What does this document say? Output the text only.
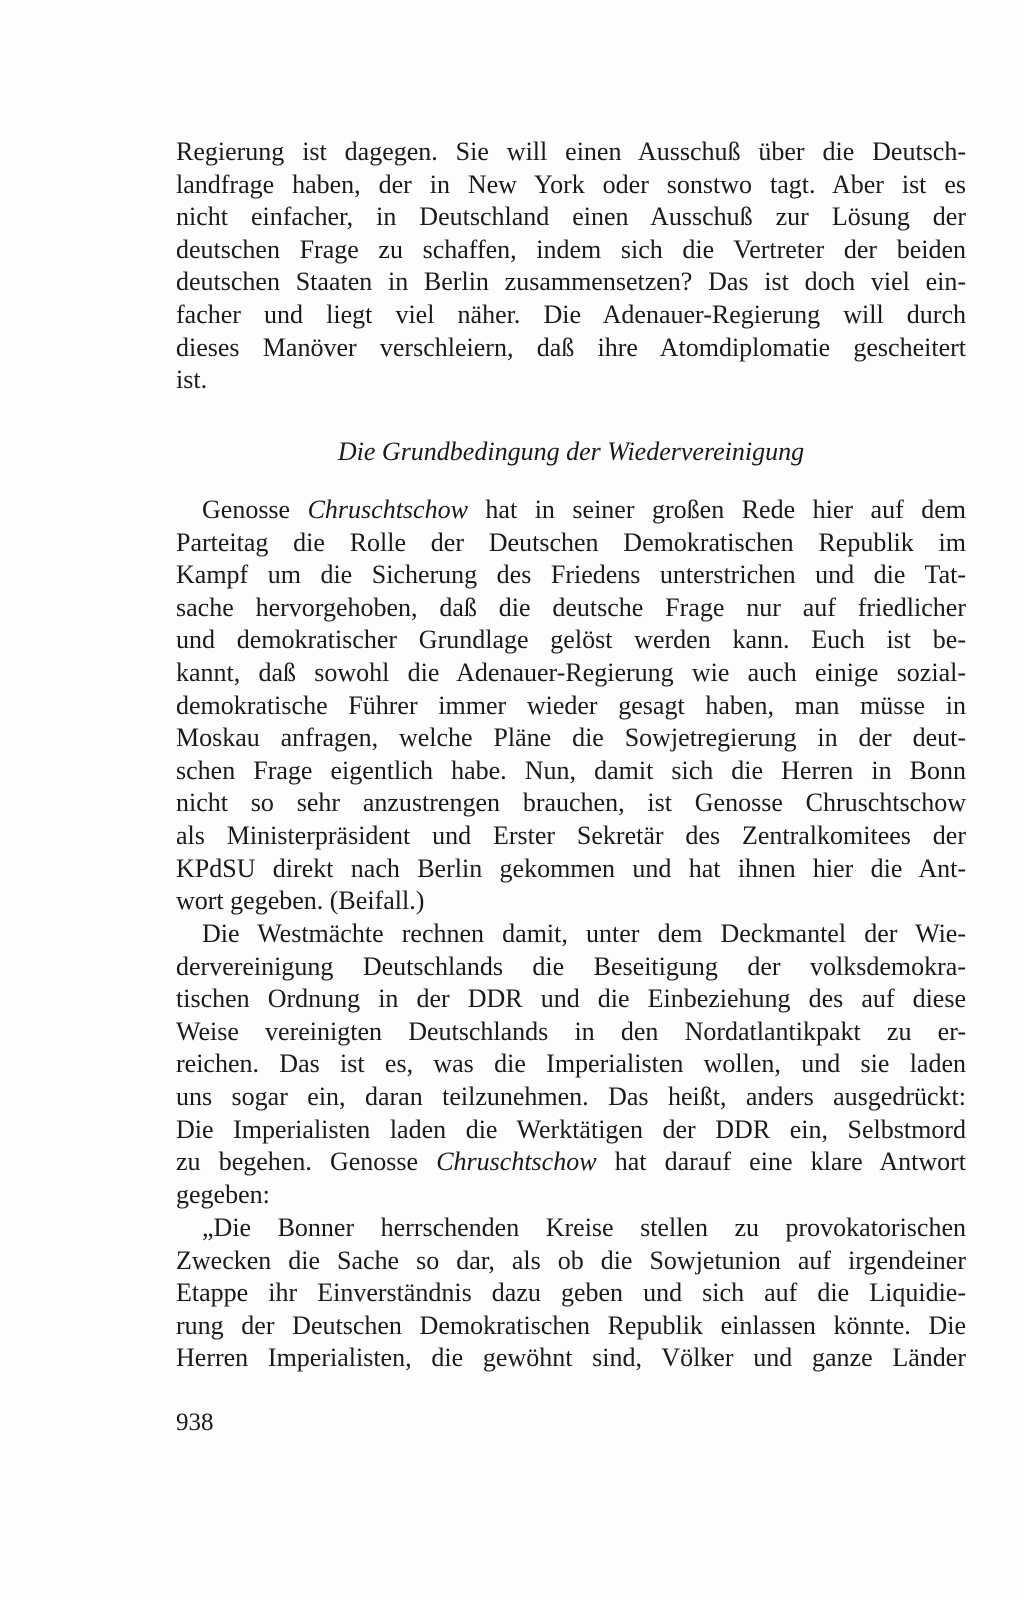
Regierung ist dagegen. Sie will einen Ausschuß über die Deutsch-
landfrage haben, der in New York oder sonstwo tagt. Aber ist es
nicht einfacher, in Deutschland einen Ausschuß zur Lösung der
deutschen Frage zu schaffen, indem sich die Vertreter der beiden
deutschen Staaten in Berlin zusammensetzen? Das ist doch viel ein-
facher und liegt viel näher. Die Adenauer-Regierung will durch
dieses Manöver verschleiern, daß ihre Atomdiplomatie gescheitert
ist.

Die Grundbedingung der Wiedervereinigung

Genosse Chruschtschow hat in seiner großen Rede hier auf dem
Parteitag die Rolle der Deutschen Demokratischen Republik im
Kampf um die Sicherung des Friedens unterstrichen und die Tat-
sache hervorgehoben, daß die deutsche Frage nur auf friedlicher
und demokratischer Grundlage gelöst werden kann. Euch ist be-
kannt, daß sowohl die Adenauer-Regierung wie auch einige sozial-
demokratische Führer immer wieder gesagt haben, man müsse in
Moskau anfragen, welche Pläne die Sowjetregierung in der deut-
schen Frage eigentlich habe. Nun, damit sich die Herren in Bonn
nicht so sehr anzustrengen brauchen, ist Genosse Chruschtschow
als Ministerpräsident und Erster Sekretär des Zentralkomitees der
KPdSU direkt nach Berlin gekommen und hat ihnen hier die Ant-
wort gegeben. (Beifall.)

Die Westmächte rechnen damit, unter dem Deckmantel der Wie-
dervereinigung Deutschlands die Beseitigung der volksdemokra-
tischen Ordnung in der DDR und die Einbeziehung des auf diese
Weise vereinigten Deutschlands in den Nordatlantikpakt zu er-
reichen. Das ist es, was die Imperialisten wollen, und sie laden
uns sogar ein, daran teilzunehmen. Das heißt, anders ausgedrückt:
Die Imperialisten laden die Werktätigen der DDR ein, Selbstmord
zu begehen. Genosse Chruschtschow hat darauf eine klare Antwort
gegeben:

„Die Bonner herrschenden Kreise stellen zu provokatorischen
Zwecken die Sache so dar, als ob die Sowjetunion auf irgendeiner
Etappe ihr Einverständnis dazu geben und sich auf die Liquidie-
rung der Deutschen Demokratischen Republik einlassen könnte. Die
Herren Imperialisten, die gewöhnt sind, Völker und ganze Länder

938
